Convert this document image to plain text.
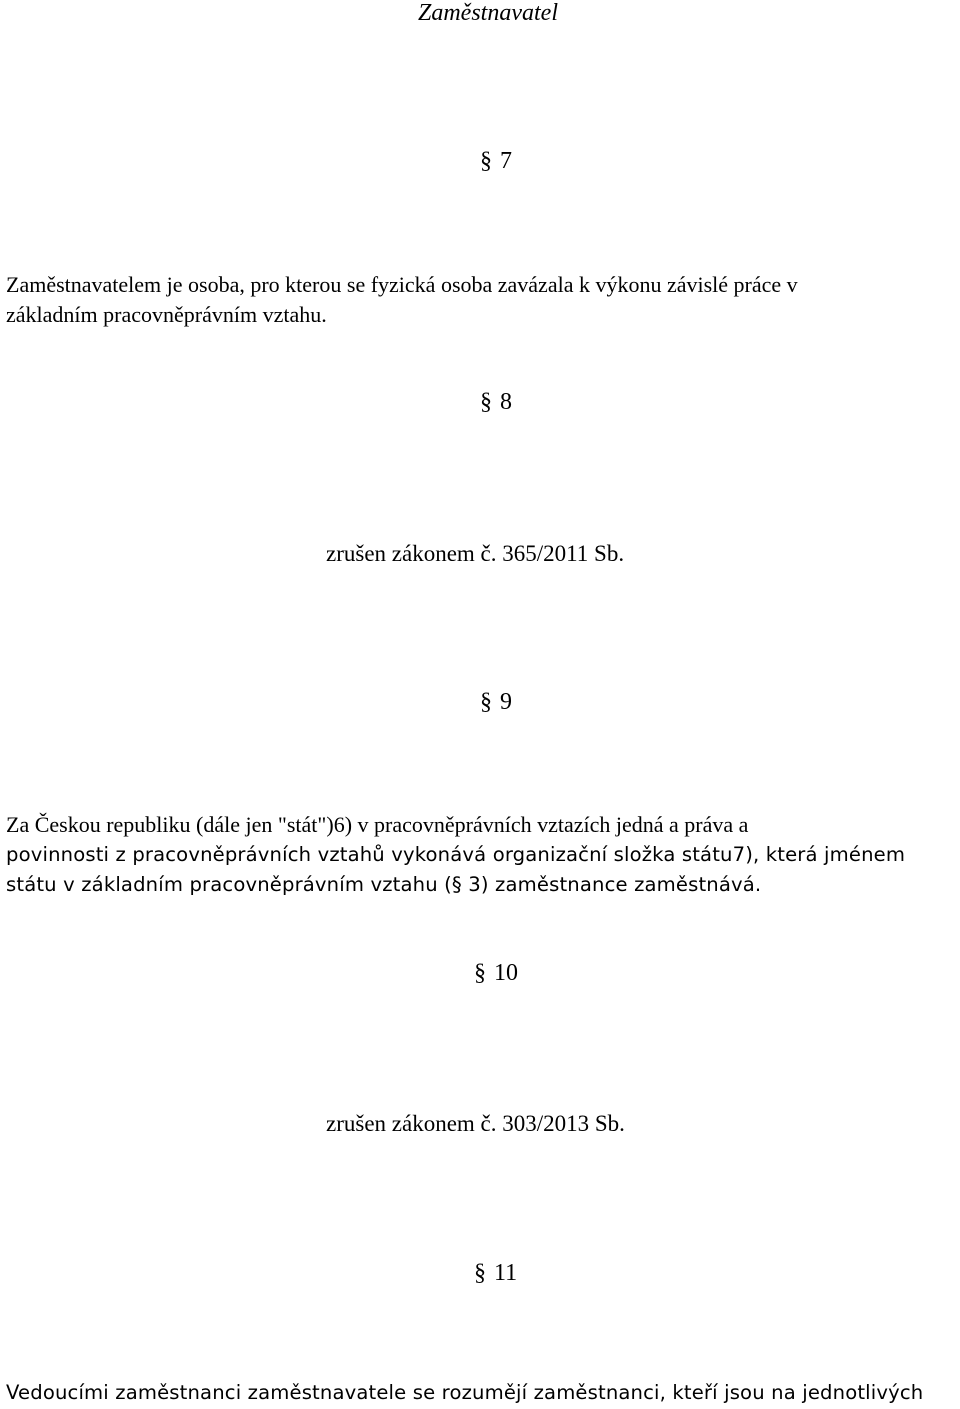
Zaměstnavatel
§ 7
Zaměstnavatelem je osoba, pro kterou se fyzická osoba zavázala k výkonu závislé práce v
základním pracovněprávním vztahu.
§ 8
zrušen zákonem č. 365/2011 Sb.
§ 9
Za Českou republiku (dále jen "stát")6) v pracovněprávních vztazích jedná a práva a
povinnosti z pracovněprávních vztahů vykonává organizační složka státu7), která jménem
státu v základním pracovněprávním vztahu (§ 3) zaměstnance zaměstnává.
§ 10
zrušen zákonem č. 303/2013 Sb.
§ 11
Vedoucími zaměstnanci zaměstnavatele se rozumějí zaměstnanci, kteří jsou na jednotlivých
